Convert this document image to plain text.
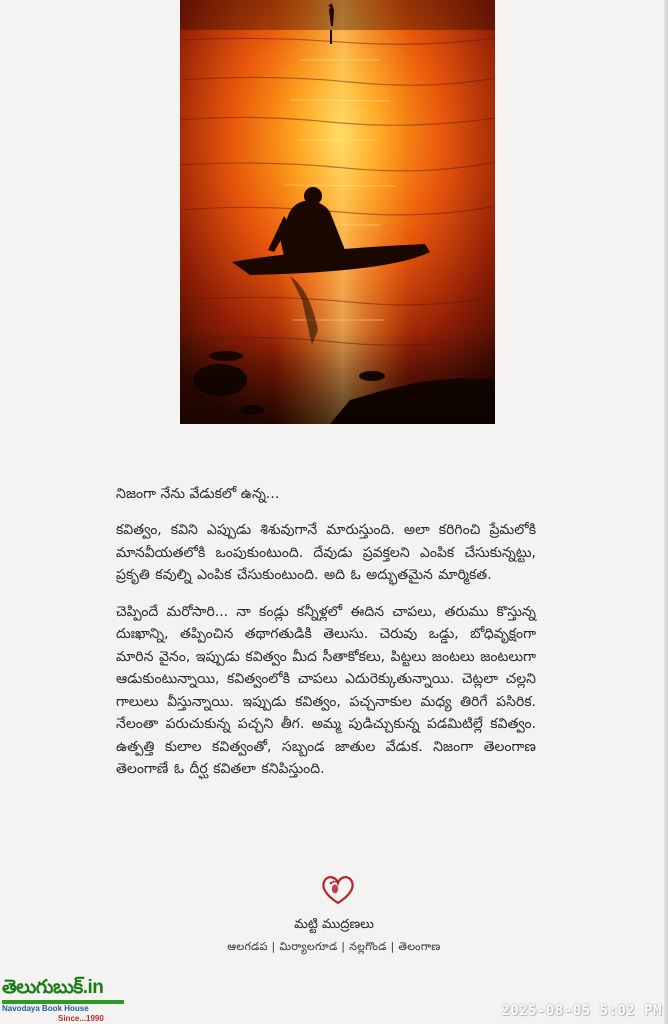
నిజంగా నేను వేడుకలో ఉన్న...

కవిత్వం, కవిని ఎప్పుడు శిశువుగానే మారుస్తుంది. అలా కరిగించి ప్రేమలోకి మానవీయతలోకి ఒంపుకుంటుంది. దేవుడు ప్రవక్తలని ఎంపిక చేసుకున్నట్టు, ప్రకృతి కవుల్ని ఎంపిక చేసుకుంటుంది. అది ఓ అద్భుతమైన మార్మికత.

చెప్పిందే మరోసారి... నా కండ్లు కన్నీళ్లలో ఈదిన చాపలు, తరుము కొస్తున్న దుఃఖాన్ని, తప్పించిన తథాగతుడికి తెలుసు. చెరువు ఒడ్డు, బోధివృక్షంగా మారిన వైనం, ఇప్పుడు కవిత్వం మీద సీతాకోకలు, పిట్టలు జంటలు జంటలుగా ఆడుకుంటున్నాయి, కవిత్వంలోకి చాపలు ఎదురెక్కుతున్నాయి. చెట్లలా చల్లని గాలులు వీస్తున్నాయి. ఇప్పుడు కవిత్వం, పచ్చనాకుల మధ్య తిరిగే పసిరిక. నేలంతా పరుచుకున్న పచ్చని తీగ. అమ్మ పుడిచ్చుకున్న పడమిటిల్లే కవిత్వం. ఉత్పత్తి కులాల కవిత్వంతో, సబ్బండ జాతుల వేడుక. నిజంగా తెలంగాణ తెలంగాణే ఓ దీర్ఘ కవితలా కనిపిస్తుంది.

మట్టి ముద్రణలు
ఆలగడప | మిర్యాలగూడ | నల్లగొండ | తెలంగాణ
తెలుగుబుక్.in
Navodaya Book House
Since...1990	2025-08-05 5:02 PM
